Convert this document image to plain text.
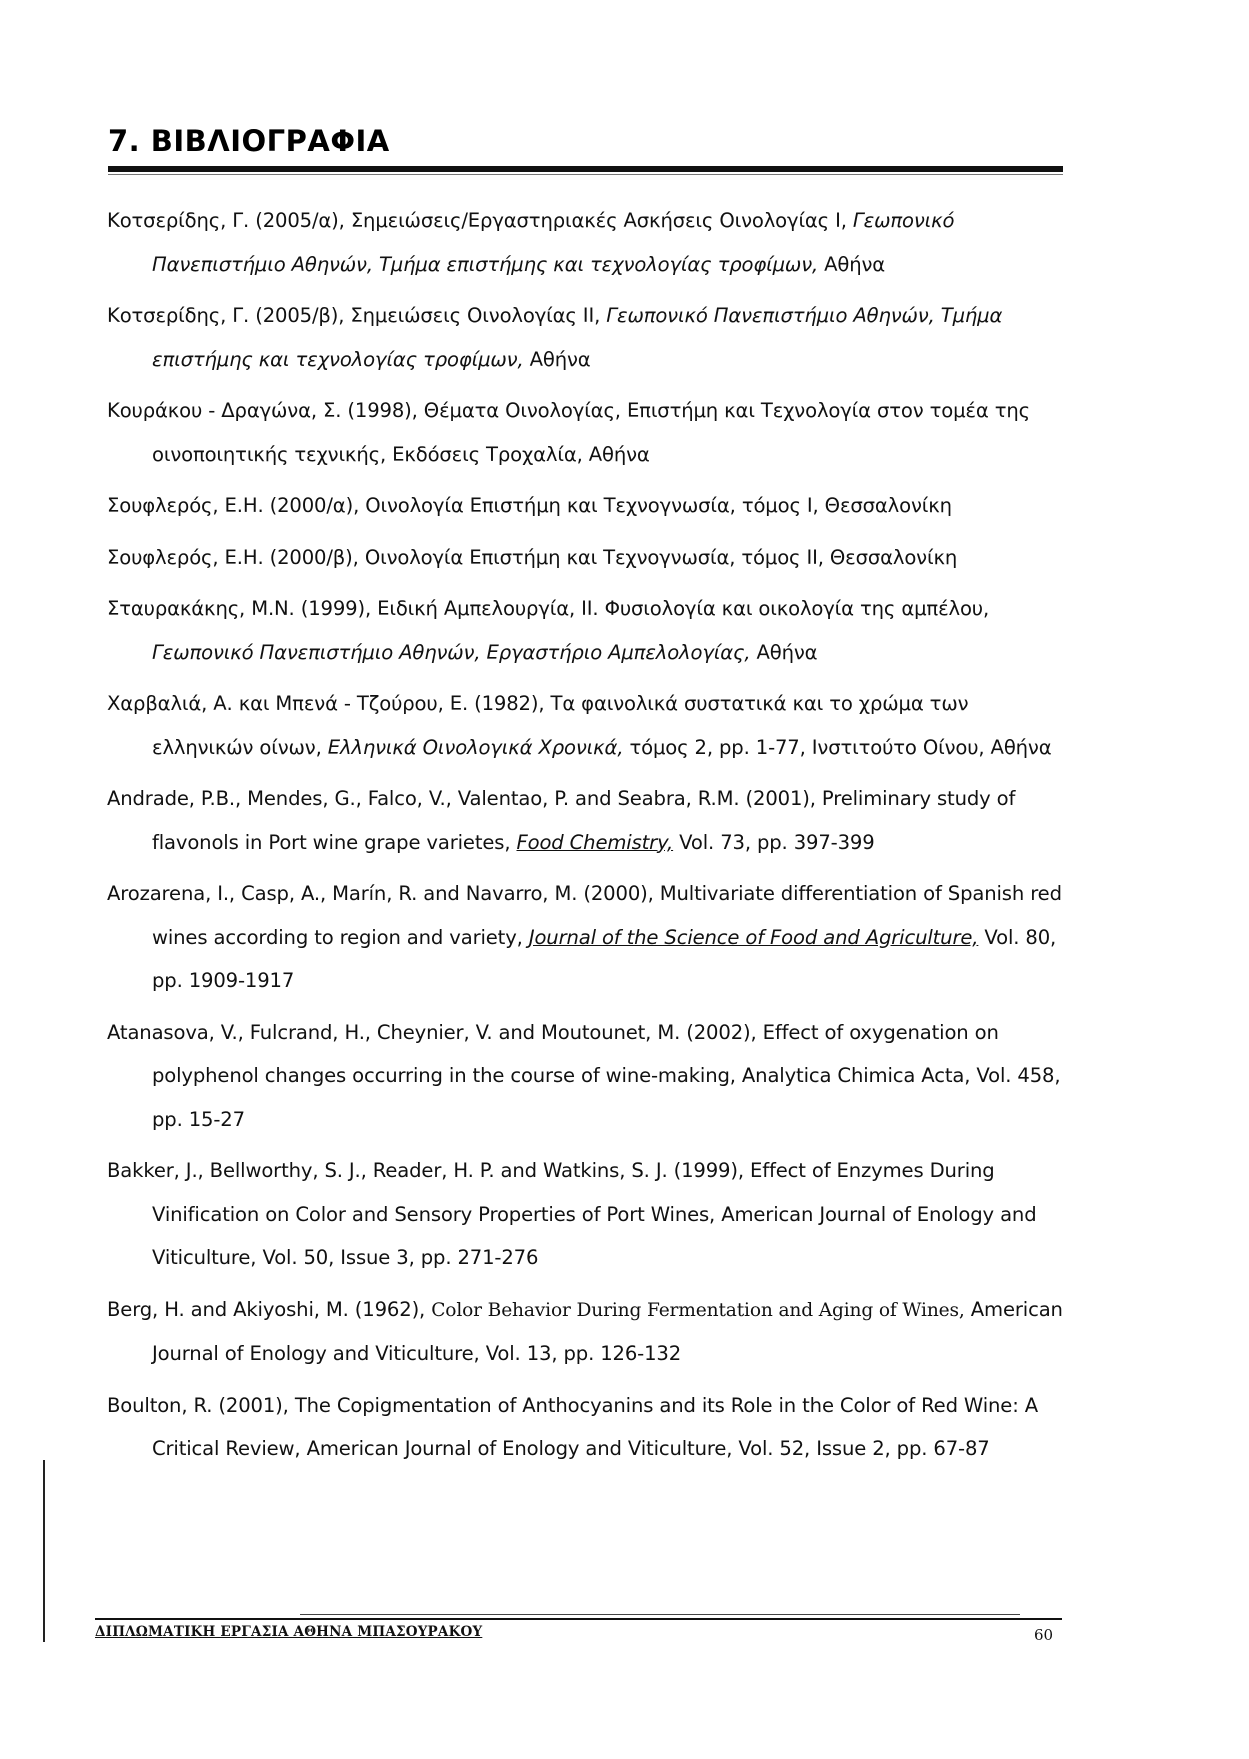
7. ΒΙΒΛΙΟΓΡΑΦΙΑ
Κοτσερίδης, Γ. (2005/α), Σημειώσεις/Εργαστηριακές Ασκήσεις Οινολογίας Ι, Γεωπονικό Πανεπιστήμιο Αθηνών, Τμήμα επιστήμης και τεχνολογίας τροφίμων, Αθήνα
Κοτσερίδης, Γ. (2005/β), Σημειώσεις Οινολογίας ΙΙ, Γεωπονικό Πανεπιστήμιο Αθηνών, Τμήμα επιστήμης και τεχνολογίας τροφίμων, Αθήνα
Κουράκου - Δραγώνα, Σ. (1998), Θέματα Οινολογίας, Επιστήμη και Τεχνολογία στον τομέα της οινοποιητικής τεχνικής, Εκδόσεις Τροχαλία, Αθήνα
Σουφλερός, Ε.Η. (2000/α), Οινολογία Επιστήμη και Τεχνογνωσία, τόμος Ι, Θεσσαλονίκη
Σουφλερός, Ε.Η. (2000/β), Οινολογία Επιστήμη και Τεχνογνωσία, τόμος ΙΙ, Θεσσαλονίκη
Σταυρακάκης, Μ.Ν. (1999), Ειδική Αμπελουργία, ΙΙ. Φυσιολογία και οικολογία της αμπέλου, Γεωπονικό Πανεπιστήμιο Αθηνών, Εργαστήριο Αμπελολογίας, Αθήνα
Χαρβαλιά, Α. και Μπενά - Τζούρου, Ε. (1982), Τα φαινολικά συστατικά και το χρώμα των ελληνικών οίνων, Ελληνικά Οινολογικά Χρονικά, τόμος 2, pp. 1-77, Ινστιτούτο Οίνου, Αθήνα
Andrade, P.B., Mendes, G., Falco, V., Valentao, P. and Seabra, R.M. (2001), Preliminary study of flavonols in Port wine grape varietes, Food Chemistry, Vol. 73, pp. 397-399
Arozarena, I., Casp, A., Marín, R. and Navarro, M. (2000), Multivariate differentiation of Spanish red wines according to region and variety, Journal of the Science of Food and Agriculture, Vol. 80, pp. 1909-1917
Atanasova, V., Fulcrand, H., Cheynier, V. and Moutounet, M. (2002), Effect of oxygenation on polyphenol changes occurring in the course of wine-making, Analytica Chimica Acta, Vol. 458, pp. 15-27
Bakker, J., Bellworthy, S. J., Reader, H. P. and Watkins, S. J. (1999), Effect of Enzymes During Vinification on Color and Sensory Properties of Port Wines, American Journal of Enology and Viticulture, Vol. 50, Issue 3, pp. 271-276
Berg, H. and Akiyoshi, M. (1962), Color Behavior During Fermentation and Aging of Wines, American Journal of Enology and Viticulture, Vol. 13, pp. 126-132
Boulton, R. (2001), The Copigmentation of Anthocyanins and its Role in the Color of Red Wine: A Critical Review, American Journal of Enology and Viticulture, Vol. 52, Issue 2, pp. 67-87
ΔΙΠΛΩΜΑΤΙΚΗ ΕΡΓΑΣΙΑ ΑΘΗΝΑ ΜΠΑΣΟΥΡΑΚΟΥ	60
